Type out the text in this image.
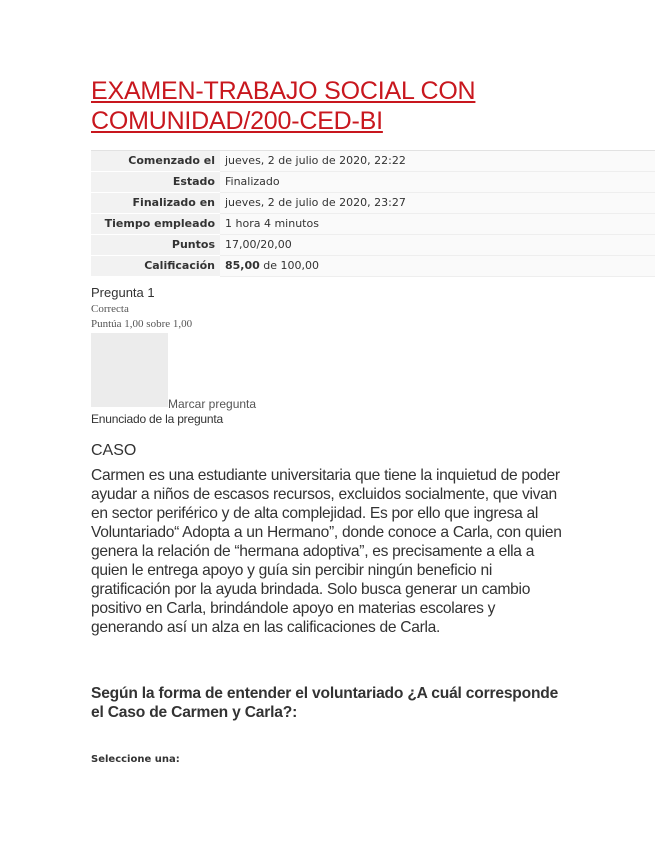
EXAMEN-TRABAJO SOCIAL CON COMUNIDAD/200-CED-BI
Comenzado el	jueves, 2 de julio de 2020, 22:22
Estado	Finalizado
Finalizado en	jueves, 2 de julio de 2020, 23:27
Tiempo empleado	1 hora 4 minutos
Puntos	17,00/20,00
Calificación	85,00 de 100,00
Pregunta 1
Correcta
Puntúa 1,00 sobre 1,00
Marcar pregunta
Enunciado de la pregunta
CASO

Carmen es una estudiante universitaria que tiene la inquietud de poder ayudar a niños de escasos recursos, excluidos socialmente, que vivan en sector periférico y de alta complejidad. Es por ello que ingresa al Voluntariado“ Adopta a un Hermano”, donde conoce a Carla, con quien genera la relación de “hermana adoptiva”, es precisamente a ella a quien le entrega apoyo y guía sin percibir ningún beneficio ni gratificación por la ayuda brindada. Solo busca generar un cambio positivo en Carla, brindándole apoyo en materias escolares y generando así un alza en las calificaciones de Carla.

Según la forma de entender el voluntariado ¿A cuál corresponde el Caso de Carmen y Carla?:

Seleccione una:
